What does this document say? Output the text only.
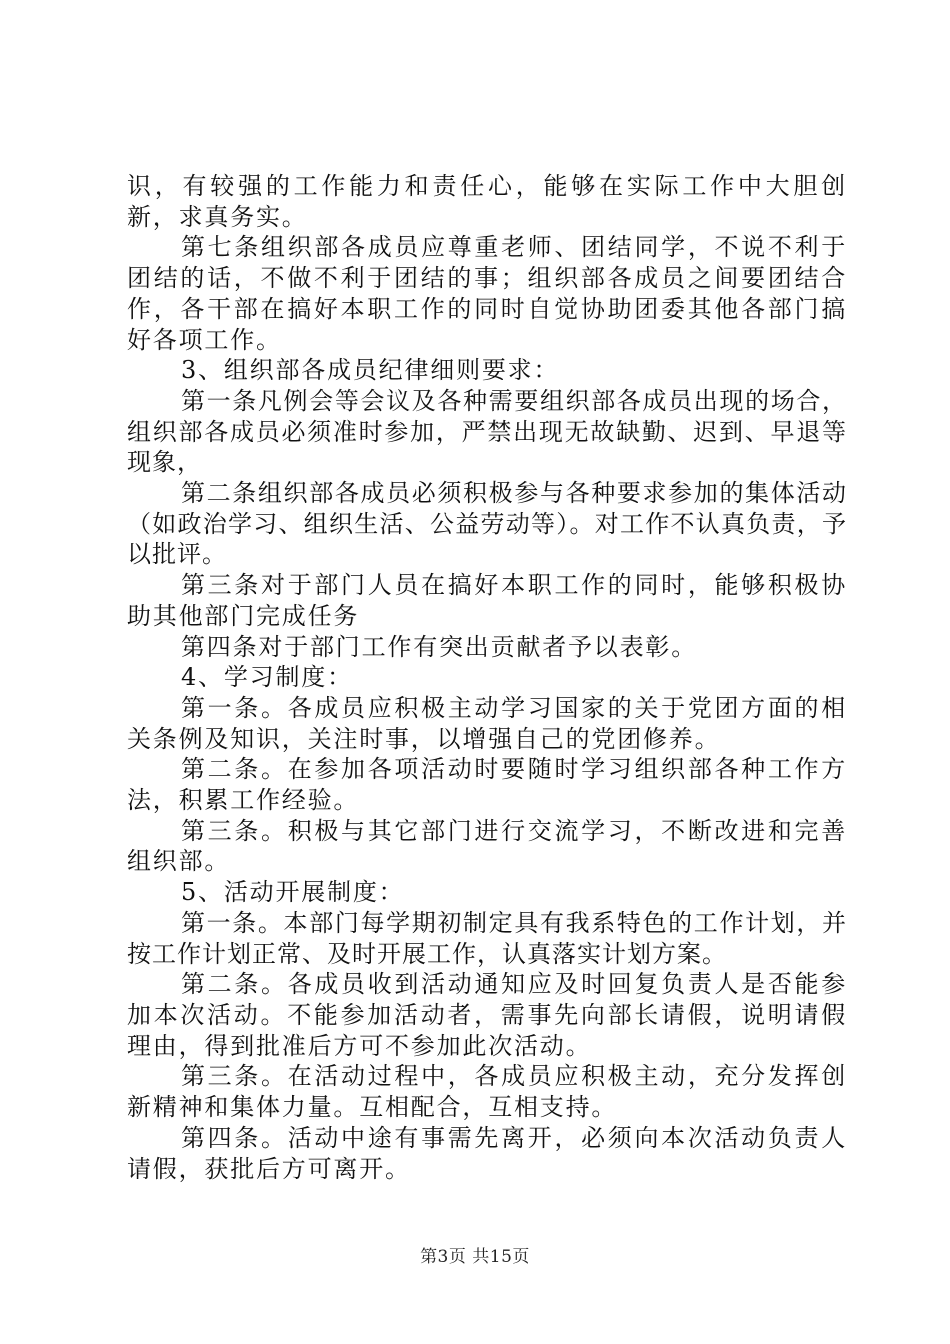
识，有较强的工作能力和责任心，能够在实际工作中大胆创新，求真务实。

第七条组织部各成员应尊重老师、团结同学，不说不利于团结的话，不做不利于团结的事；组织部各成员之间要团结合作，各干部在搞好本职工作的同时自觉协助团委其他各部门搞好各项工作。

3、组织部各成员纪律细则要求：

第一条凡例会等会议及各种需要组织部各成员出现的场合，组织部各成员必须准时参加，严禁出现无故缺勤、迟到、早退等现象，

第二条组织部各成员必须积极参与各种要求参加的集体活动（如政治学习、组织生活、公益劳动等）。对工作不认真负责，予以批评。

第三条对于部门人员在搞好本职工作的同时，能够积极协助其他部门完成任务

第四条对于部门工作有突出贡献者予以表彰。

4、学习制度：

第一条。各成员应积极主动学习国家的关于党团方面的相关条例及知识，关注时事，以增强自己的党团修养。

第二条。在参加各项活动时要随时学习组织部各种工作方法，积累工作经验。

第三条。积极与其它部门进行交流学习，不断改进和完善组织部。

5、活动开展制度：

第一条。本部门每学期初制定具有我系特色的工作计划，并按工作计划正常、及时开展工作，认真落实计划方案。

第二条。各成员收到活动通知应及时回复负责人是否能参加本次活动。不能参加活动者，需事先向部长请假，说明请假理由，得到批准后方可不参加此次活动。

第三条。在活动过程中，各成员应积极主动，充分发挥创新精神和集体力量。互相配合，互相支持。

第四条。活动中途有事需先离开，必须向本次活动负责人请假，获批后方可离开。

第3页 共15页
